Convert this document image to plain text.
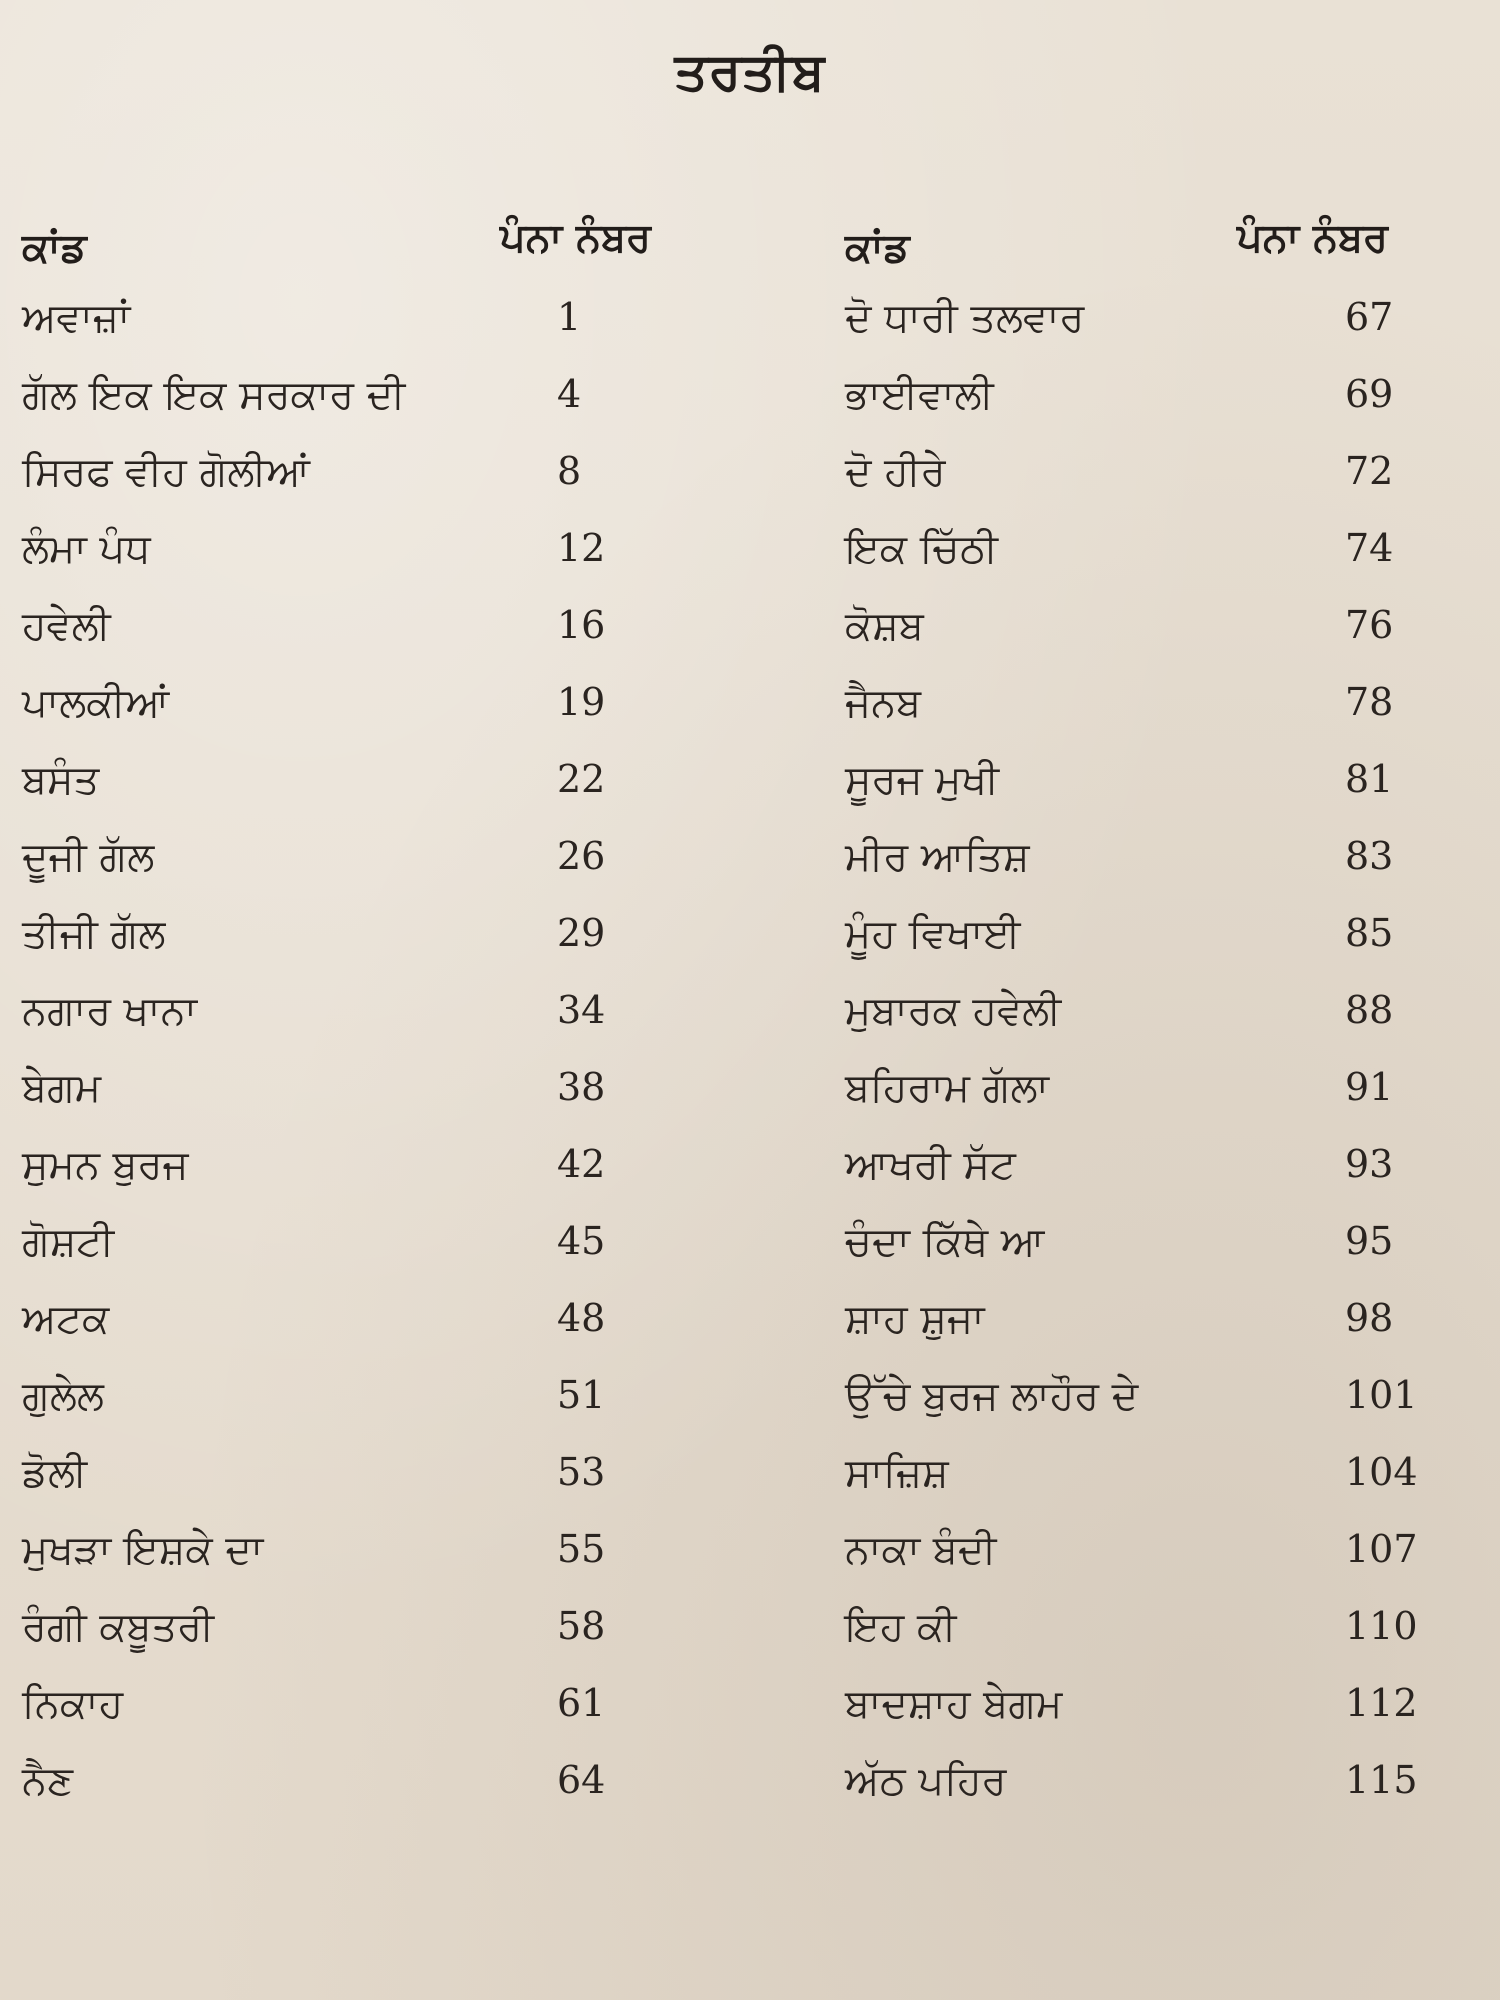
ਤਰਤੀਬ
ਕਾਂਡ	ਪੰਨਾ ਨੰਬਰ
ਅਵਾਜ਼ਾਂ	1
ਗੱਲ ਇਕ ਇਕ ਸਰਕਾਰ ਦੀ	4
ਸਿਰਫ ਵੀਹ ਗੋਲੀਆਂ	8
ਲੰਮਾ ਪੰਧ	12
ਹਵੇਲੀ	16
ਪਾਲਕੀਆਂ	19
ਬਸੰਤ	22
ਦੂਜੀ ਗੱਲ	26
ਤੀਜੀ ਗੱਲ	29
ਨਗਾਰ ਖਾਨਾ	34
ਬੇਗਮ	38
ਸੁਮਨ ਬੁਰਜ	42
ਗੋਸ਼ਟੀ	45
ਅਟਕ	48
ਗੁਲੇਲ	51
ਡੋਲੀ	53
ਮੁਖੜਾ ਇਸ਼ਕੇ ਦਾ	55
ਰੰਗੀ ਕਬੂਤਰੀ	58
ਨਿਕਾਹ	61
ਨੈਣ	64
ਕਾਂਡ	ਪੰਨਾ ਨੰਬਰ
ਦੋ ਧਾਰੀ ਤਲਵਾਰ	67
ਭਾਈਵਾਲੀ	69
ਦੋ ਹੀਰੇ	72
ਇਕ ਚਿੱਠੀ	74
ਕੋਸ਼ਬ	76
ਜੈਨਬ	78
ਸੂਰਜ ਮੁਖੀ	81
ਮੀਰ ਆਤਿਸ਼	83
ਮੂੰਹ ਵਿਖਾਈ	85
ਮੁਬਾਰਕ ਹਵੇਲੀ	88
ਬਹਿਰਾਮ ਗੱਲਾ	91
ਆਖਰੀ ਸੱਟ	93
ਚੰਦਾ ਕਿੱਥੇ ਆ	95
ਸ਼ਾਹ ਸ਼ੁਜਾ	98
ਉੱਚੇ ਬੁਰਜ ਲਾਹੌਰ ਦੇ	101
ਸਾਜ਼ਿਸ਼	104
ਨਾਕਾ ਬੰਦੀ	107
ਇਹ ਕੀ	110
ਬਾਦਸ਼ਾਹ ਬੇਗਮ	112
ਅੱਠ ਪਹਿਰ	115
